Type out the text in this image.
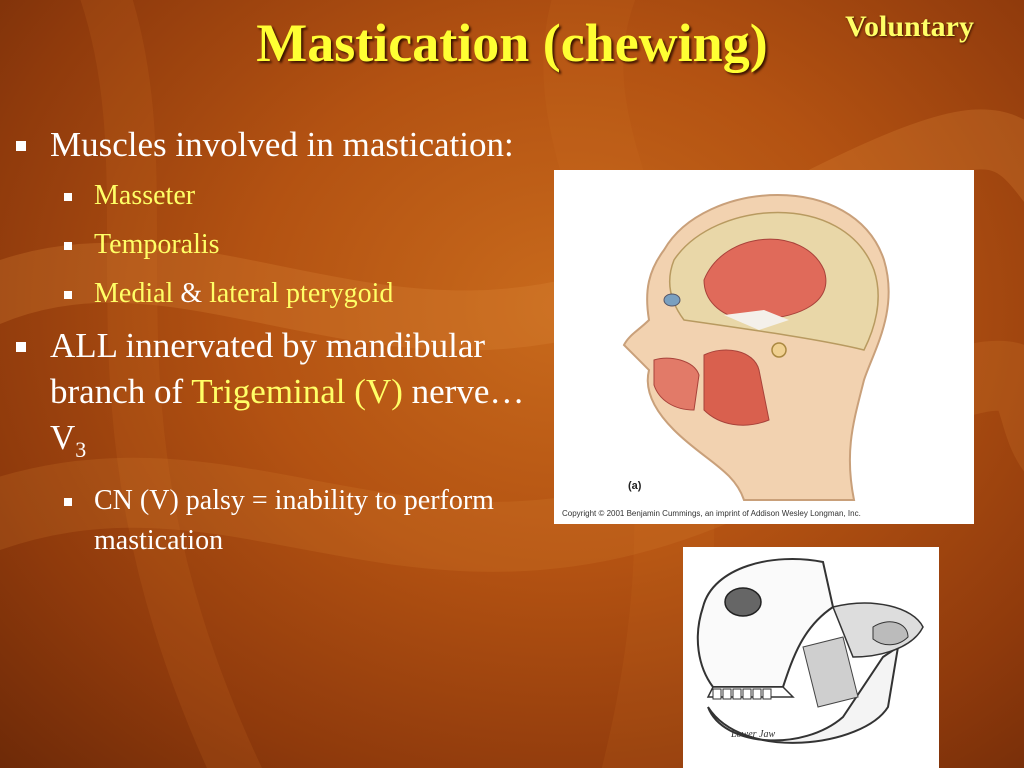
Mastication (chewing)	Voluntary
Muscles involved in mastication:
Masseter
Temporalis
Medial & lateral pterygoid
ALL innervated by mandibular branch of Trigeminal (V) $nerve\dots V_3$
CN (V) palsy = inability to perform mastication
(a)
Copyright © 2001 Benjamin Cummings, an imprint of Addison Wesley Longman, Inc.
Lower Jaw
